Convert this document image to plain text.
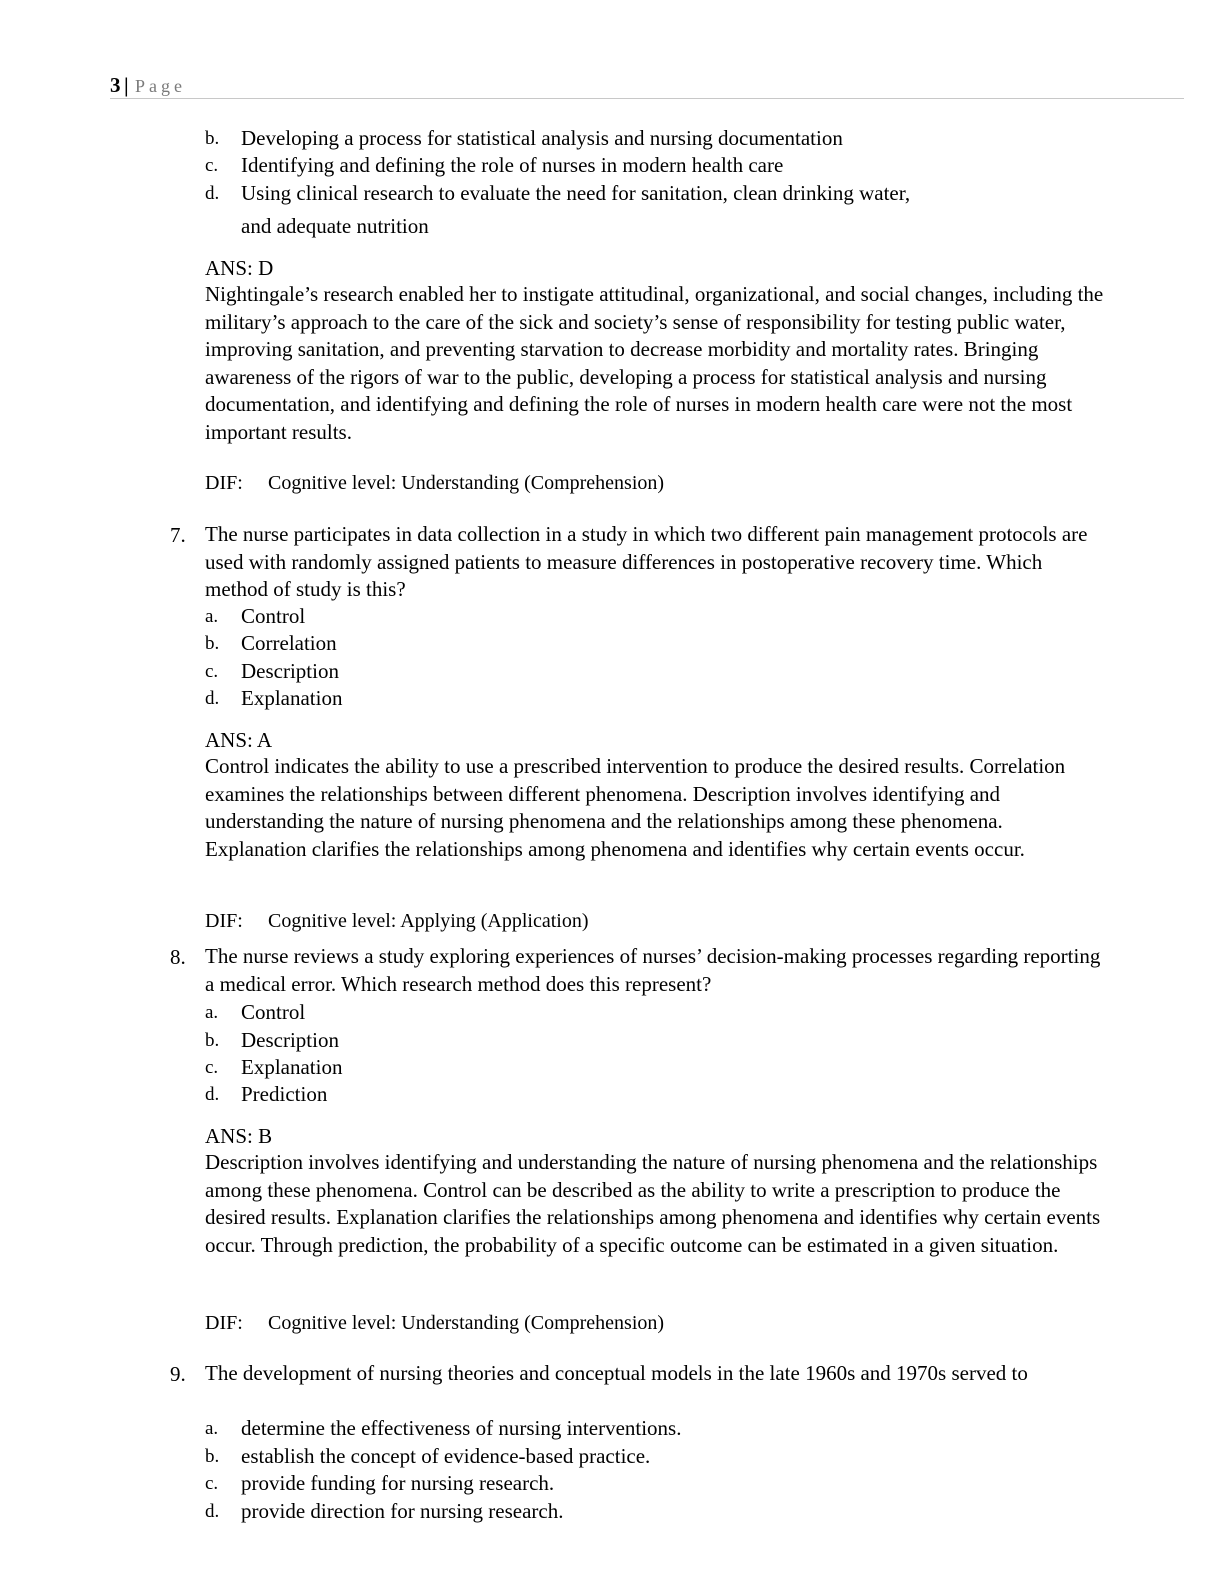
3 | Page
b. Developing a process for statistical analysis and nursing documentation
c. Identifying and defining the role of nurses in modern health care
d. Using clinical research to evaluate the need for sanitation, clean drinking water,
and adequate nutrition
ANS: D
Nightingale’s research enabled her to instigate attitudinal, organizational, and social changes, including the military’s approach to the care of the sick and society’s sense of responsibility for testing public water, improving sanitation, and preventing starvation to decrease morbidity and mortality rates. Bringing awareness of the rigors of war to the public, developing a process for statistical analysis and nursing documentation, and identifying and defining the role of nurses in modern health care were not the most important results.
DIF: Cognitive level: Understanding (Comprehension)
7. The nurse participates in data collection in a study in which two different pain management protocols are used with randomly assigned patients to measure differences in postoperative recovery time. Which method of study is this?
a. Control
b. Correlation
c. Description
d. Explanation
ANS: A
Control indicates the ability to use a prescribed intervention to produce the desired results. Correlation examines the relationships between different phenomena. Description involves identifying and understanding the nature of nursing phenomena and the relationships among these phenomena. Explanation clarifies the relationships among phenomena and identifies why certain events occur.
DIF: Cognitive level: Applying (Application)
8. The nurse reviews a study exploring experiences of nurses’ decision-making processes regarding reporting a medical error. Which research method does this represent?
a. Control
b. Description
c. Explanation
d. Prediction
ANS: B
Description involves identifying and understanding the nature of nursing phenomena and the relationships among these phenomena. Control can be described as the ability to write a prescription to produce the desired results. Explanation clarifies the relationships among phenomena and identifies why certain events occur. Through prediction, the probability of a specific outcome can be estimated in a given situation.
DIF: Cognitive level: Understanding (Comprehension)
9. The development of nursing theories and conceptual models in the late 1960s and 1970s served to
a. determine the effectiveness of nursing interventions.
b. establish the concept of evidence-based practice.
c. provide funding for nursing research.
d. provide direction for nursing research.
